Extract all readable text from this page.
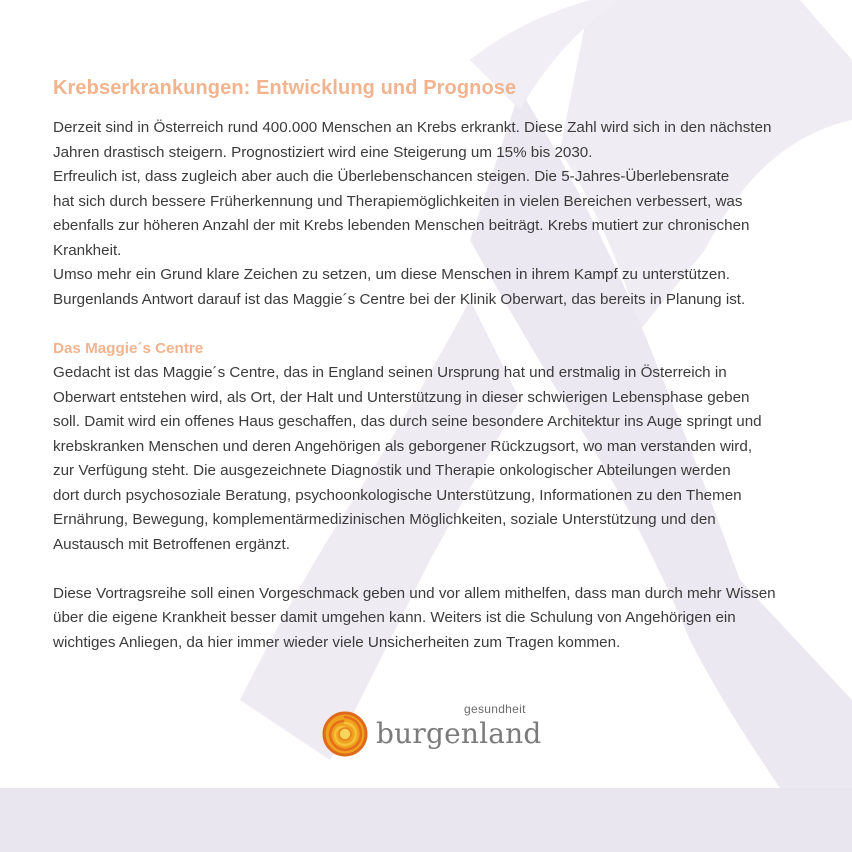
Krebserkrankungen: Entwicklung und Prognose

Derzeit sind in Österreich rund 400.000 Menschen an Krebs erkrankt. Diese Zahl wird sich in den nächsten
Jahren drastisch steigern. Prognostiziert wird eine Steigerung um 15% bis 2030.
Erfreulich ist, dass zugleich aber auch die Überlebenschancen steigen. Die 5-Jahres-Überlebensrate
hat sich durch bessere Früherkennung und Therapiemöglichkeiten in vielen Bereichen verbessert, was
ebenfalls zur höheren Anzahl der mit Krebs lebenden Menschen beiträgt. Krebs mutiert zur chronischen
Krankheit.
Umso mehr ein Grund klare Zeichen zu setzen, um diese Menschen in ihrem Kampf zu unterstützen.
Burgenlands Antwort darauf ist das Maggie´s Centre bei der Klinik Oberwart, das bereits in Planung ist.

Das Maggie´s Centre

Gedacht ist das Maggie´s Centre, das in England seinen Ursprung hat und erstmalig in Österreich in
Oberwart entstehen wird, als Ort, der Halt und Unterstützung in dieser schwierigen Lebensphase geben
soll. Damit wird ein offenes Haus geschaffen, das durch seine besondere Architektur ins Auge springt und
krebskranken Menschen und deren Angehörigen als geborgener Rückzugsort, wo man verstanden wird,
zur Verfügung steht. Die ausgezeichnete Diagnostik und Therapie onkologischer Abteilungen werden
dort durch psychosoziale Beratung, psychoonkologische Unterstützung, Informationen zu den Themen
Ernährung, Bewegung, komplementärmedizinischen Möglichkeiten, soziale Unterstützung und den
Austausch mit Betroffenen ergänzt.

Diese Vortragsreihe soll einen Vorgeschmack geben und vor allem mithelfen, dass man durch mehr Wissen
über die eigene Krankheit besser damit umgehen kann. Weiters ist die Schulung von Angehörigen ein
wichtiges Anliegen, da hier immer wieder viele Unsicherheiten zum Tragen kommen.

gesundheit
burgenland
